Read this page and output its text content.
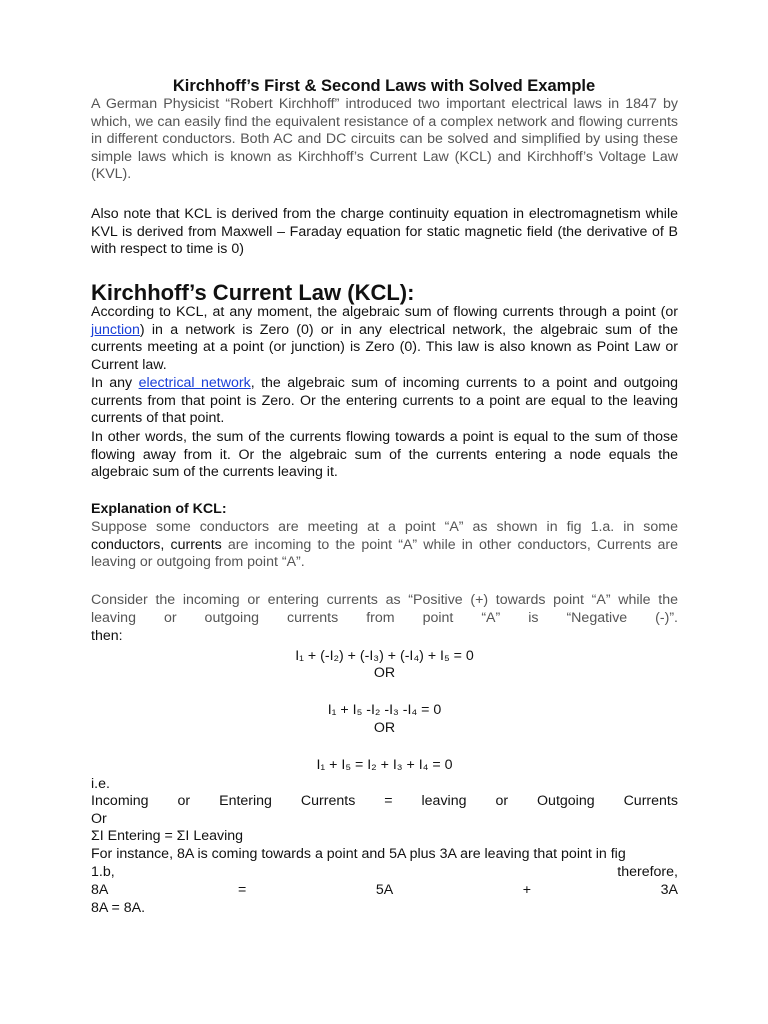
Kirchhoff’s First & Second Laws with Solved Example

A German Physicist “Robert Kirchhoff” introduced two important electrical laws in 1847 by which, we can easily find the equivalent resistance of a complex network and flowing currents in different conductors. Both AC and DC circuits can be solved and simplified by using these simple laws which is known as Kirchhoff’s Current Law (KCL) and Kirchhoff’s Voltage Law (KVL).

Also note that KCL is derived from the charge continuity equation in electromagnetism while KVL is derived from Maxwell – Faraday equation for static magnetic field (the derivative of B with respect to time is 0)

Kirchhoff’s Current Law (KCL):

According to KCL, at any moment, the algebraic sum of flowing currents through a point (or junction) in a network is Zero (0) or in any electrical network, the algebraic sum of the currents meeting at a point (or junction) is Zero (0). This law is also known as Point Law or Current law.

In any electrical network, the algebraic sum of incoming currents to a point and outgoing currents from that point is Zero. Or the entering currents to a point are equal to the leaving currents of that point.

In other words, the sum of the currents flowing towards a point is equal to the sum of those flowing away from it. Or the algebraic sum of the currents entering a node equals the algebraic sum of the currents leaving it.

Explanation of KCL:

Suppose some conductors are meeting at a point “A” as shown in fig 1.a. in some conductors, currents are incoming to the point “A” while in other conductors, Currents are leaving or outgoing from point “A”.

Consider the incoming or entering currents as “Positive (+) towards point “A” while the leaving or outgoing currents from point “A” is “Negative (-)”.

then:
I₁ + (-I₂) + (-I₃) + (-I₄) + I₅ = 0
OR
I₁ + I₅ -I₂ -I₃ -I₄ = 0
OR
I₁ + I₅ = I₂ + I₃ + I₄ = 0
i.e.
Incoming or Entering Currents = leaving or Outgoing Currents
Or
ΣI Entering = ΣI Leaving
For instance, 8A is coming towards a point and 5A plus 3A are leaving that point in fig
1.b,	therefore,
8A	=	5A	+	3A
8A = 8A.
